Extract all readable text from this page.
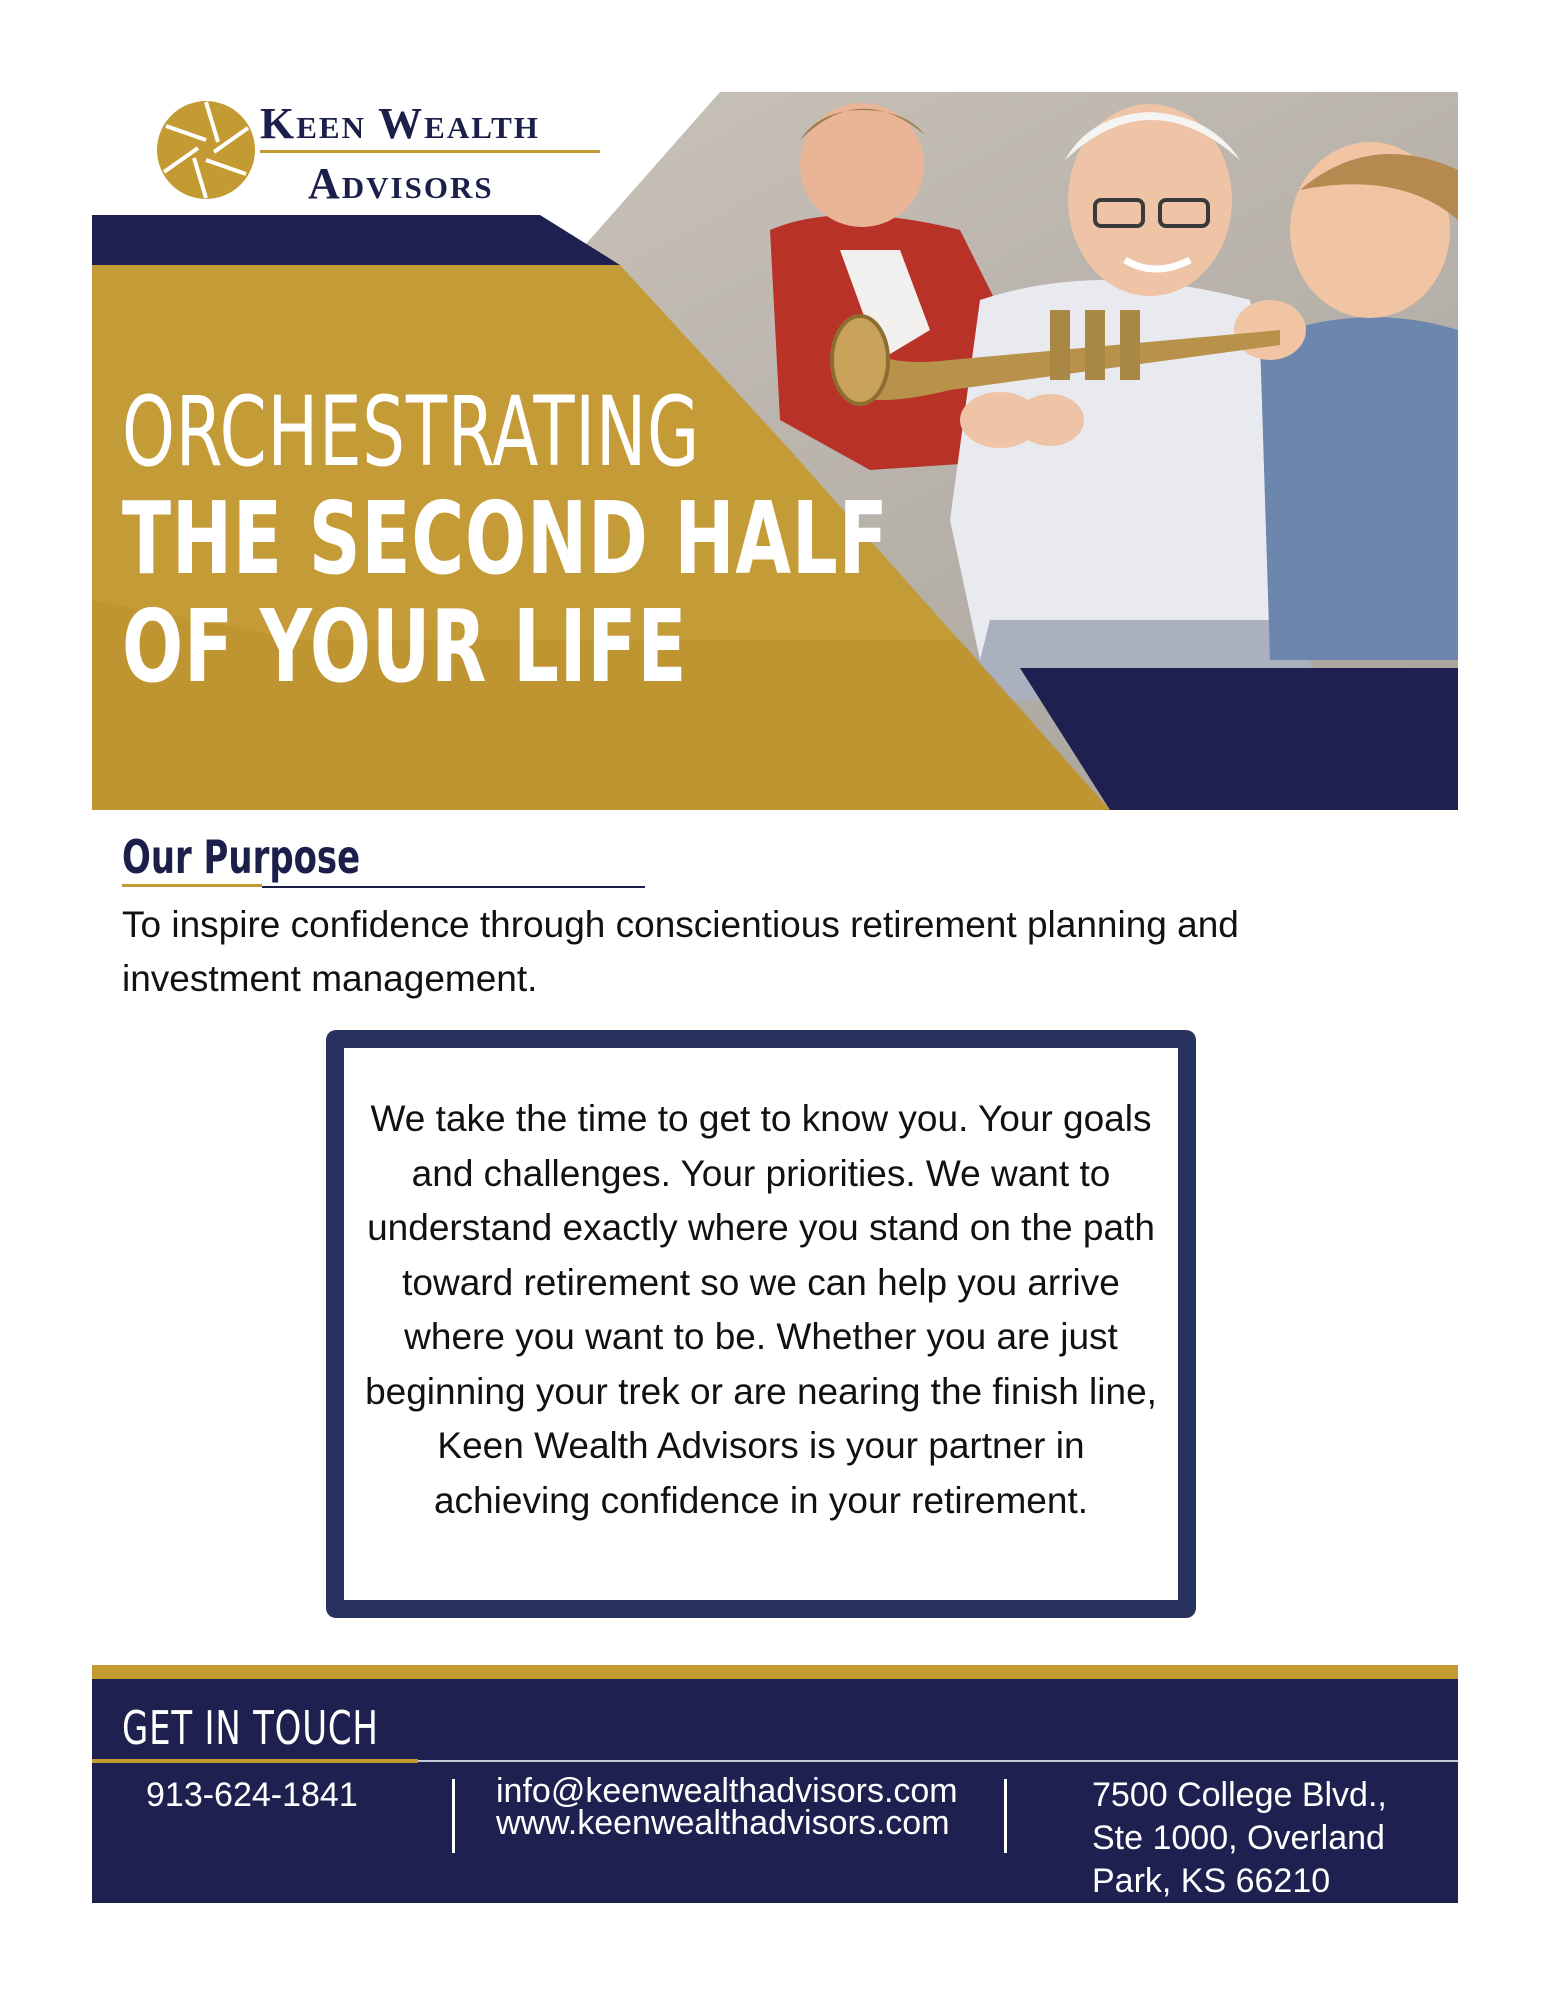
Keen Wealth
Advisors
ORCHESTRATING
THE SECOND HALF
OF YOUR LIFE
Our Purpose
To inspire confidence through conscientious retirement planning and investment management.
We take the time to get to know you. Your goals and challenges. Your priorities. We want to understand exactly where you stand on the path toward retirement so we can help you arrive where you want to be. Whether you are just beginning your trek or are nearing the finish line, Keen Wealth Advisors is your partner in achieving confidence in your retirement.
GET IN TOUCH
913-624-1841	info@keenwealthadvisors.com
www.keenwealthadvisors.com
7500 College Blvd.,
Ste 1000, Overland
Park, KS 66210
